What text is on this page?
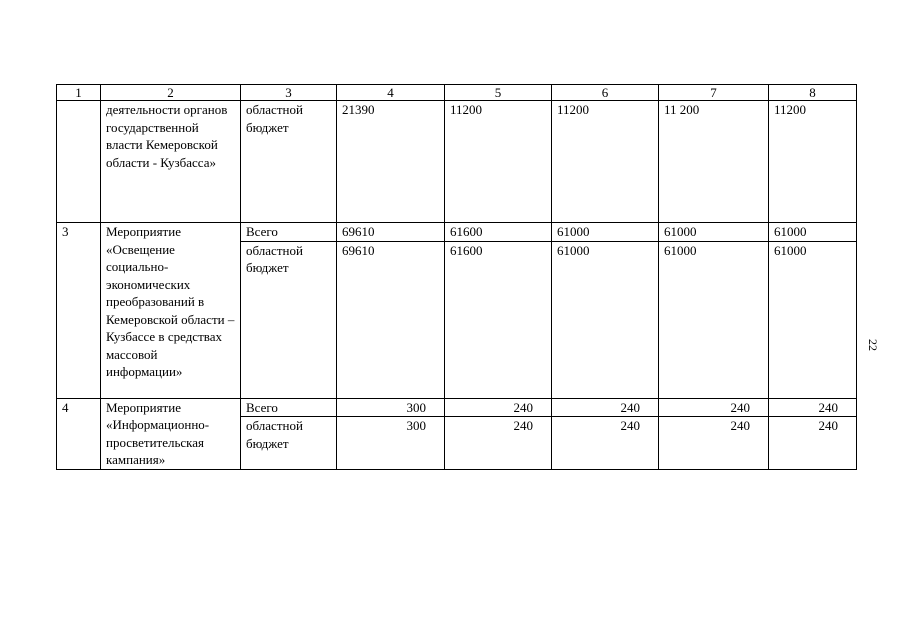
1	2	3	4	5	6	7	8
	деятельности органов государственной власти Кемеровской области - Кузбасса»	областной бюджет	21390	11200	11200	11 200	11200
3	Мероприятие «Освещение социально-экономических преобразований в Кемеровской области – Кузбассе в средствах массовой информации»	Всего	69610	61600	61000	61000	61000
		областной бюджет	69610	61600	61000	61000	61000
4	Мероприятие «Информационно-просветительская кампания»	Всего	300	240	240	240	240
		областной бюджет	300	240	240	240	240
22
